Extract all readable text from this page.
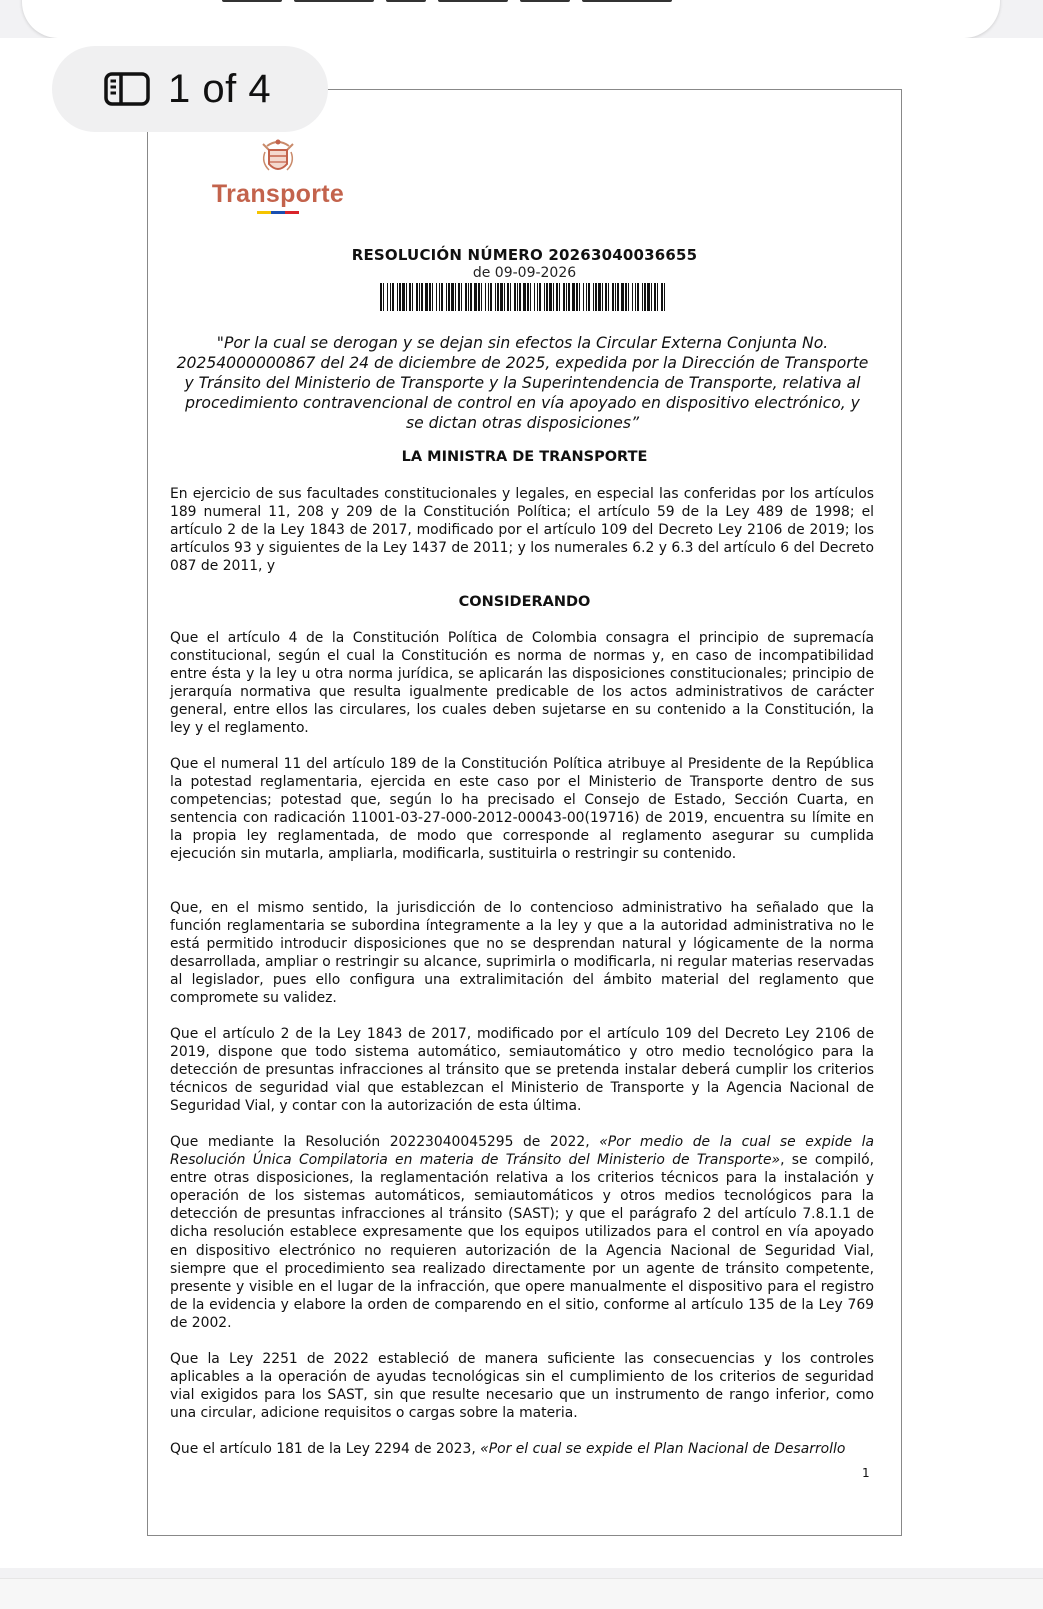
1 of 4
Transporte
RESOLUCIÓN NÚMERO 20263040036655
de 09-09-2026
"Por la cual se derogan y se dejan sin efectos la Circular Externa Conjunta No. 20254000000867 del 24 de diciembre de 2025, expedida por la Dirección de Transporte y Tránsito del Ministerio de Transporte y la Superintendencia de Transporte, relativa al procedimiento contravencional de control en vía apoyado en dispositivo electrónico, y se dictan otras disposiciones”
LA MINISTRA DE TRANSPORTE
En ejercicio de sus facultades constitucionales y legales, en especial las conferidas por los artículos 189 numeral 11, 208 y 209 de la Constitución Política; el artículo 59 de la Ley 489 de 1998; el artículo 2 de la Ley 1843 de 2017, modificado por el artículo 109 del Decreto Ley 2106 de 2019; los artículos 93 y siguientes de la Ley 1437 de 2011; y los numerales 6.2 y 6.3 del artículo 6 del Decreto 087 de 2011, y
CONSIDERANDO
Que el artículo 4 de la Constitución Política de Colombia consagra el principio de supremacía constitucional, según el cual la Constitución es norma de normas y, en caso de incompatibilidad entre ésta y la ley u otra norma jurídica, se aplicarán las disposiciones constitucionales; principio de jerarquía normativa que resulta igualmente predicable de los actos administrativos de carácter general, entre ellos las circulares, los cuales deben sujetarse en su contenido a la Constitución, la ley y el reglamento.
Que el numeral 11 del artículo 189 de la Constitución Política atribuye al Presidente de la República la potestad reglamentaria, ejercida en este caso por el Ministerio de Transporte dentro de sus competencias; potestad que, según lo ha precisado el Consejo de Estado, Sección Cuarta, en sentencia con radicación 11001-03-27-000-2012-00043-00(19716) de 2019, encuentra su límite en la propia ley reglamentada, de modo que corresponde al reglamento asegurar su cumplida ejecución sin mutarla, ampliarla, modificarla, sustituirla o restringir su contenido.
Que, en el mismo sentido, la jurisdicción de lo contencioso administrativo ha señalado que la función reglamentaria se subordina íntegramente a la ley y que a la autoridad administrativa no le está permitido introducir disposiciones que no se desprendan natural y lógicamente de la norma desarrollada, ampliar o restringir su alcance, suprimirla o modificarla, ni regular materias reservadas al legislador, pues ello configura una extralimitación del ámbito material del reglamento que compromete su validez.
Que el artículo 2 de la Ley 1843 de 2017, modificado por el artículo 109 del Decreto Ley 2106 de 2019, dispone que todo sistema automático, semiautomático y otro medio tecnológico para la detección de presuntas infracciones al tránsito que se pretenda instalar deberá cumplir los criterios técnicos de seguridad vial que establezcan el Ministerio de Transporte y la Agencia Nacional de Seguridad Vial, y contar con la autorización de esta última.
Que mediante la Resolución 20223040045295 de 2022, «Por medio de la cual se expide la Resolución Única Compilatoria en materia de Tránsito del Ministerio de Transporte», se compiló, entre otras disposiciones, la reglamentación relativa a los criterios técnicos para la instalación y operación de los sistemas automáticos, semiautomáticos y otros medios tecnológicos para la detección de presuntas infracciones al tránsito (SAST); y que el parágrafo 2 del artículo 7.8.1.1 de dicha resolución establece expresamente que los equipos utilizados para el control en vía apoyado en dispositivo electrónico no requieren autorización de la Agencia Nacional de Seguridad Vial, siempre que el procedimiento sea realizado directamente por un agente de tránsito competente, presente y visible en el lugar de la infracción, que opere manualmente el dispositivo para el registro de la evidencia y elabore la orden de comparendo en el sitio, conforme al artículo 135 de la Ley 769 de 2002.
Que la Ley 2251 de 2022 estableció de manera suficiente las consecuencias y los controles aplicables a la operación de ayudas tecnológicas sin el cumplimiento de los criterios de seguridad vial exigidos para los SAST, sin que resulte necesario que un instrumento de rango inferior, como una circular, adicione requisitos o cargas sobre la materia.
Que el artículo 181 de la Ley 2294 de 2023, «Por el cual se expide el Plan Nacional de Desarrollo
1
